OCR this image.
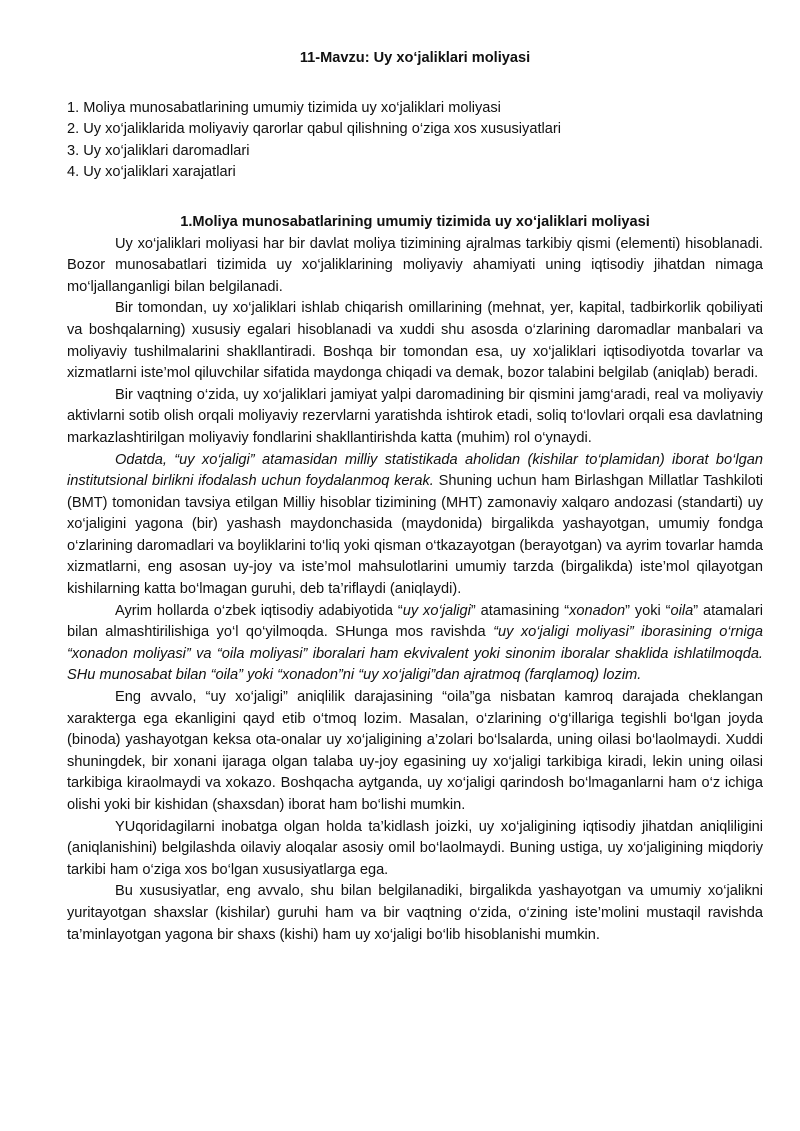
11-Mavzu: Uy xo‘jaliklari moliyasi
1. Moliya munosabatlarining umumiy tizimida uy xo‘jaliklari moliyasi
2. Uy xo‘jaliklarida moliyaviy qarorlar qabul qilishning o‘ziga xos xususiyatlari
3. Uy xo‘jaliklari daromadlari
4. Uy xo‘jaliklari xarajatlari
1.Moliya munosabatlarining umumiy tizimida uy xo‘jaliklari moliyasi

Uy xo‘jaliklari moliyasi har bir davlat moliya tizimining ajralmas tarkibiy qismi (elementi) hisoblanadi. Bozor munosabatlari tizimida uy xo‘jaliklarining moliyaviy ahamiyati uning iqtisodiy jihatdan nimaga mo‘ljallanganligi bilan belgilanadi.

Bir tomondan, uy xo‘jaliklari ishlab chiqarish omillarining (mehnat, yer, kapital, tadbirkorlik qobiliyati va boshqalarning) xususiy egalari hisoblanadi va xuddi shu asosda o‘zlarining daromadlar manbalari va moliyaviy tushilmalarini shakllantiradi. Boshqa bir tomondan esa, uy xo‘jaliklari iqtisodiyotda tovarlar va xizmatlarni iste’mol qiluvchilar sifatida maydonga chiqadi va demak, bozor talabini belgilab (aniqlab) beradi.

Bir vaqtning o‘zida, uy xo‘jaliklari jamiyat yalpi daromadining bir qismini jamg‘aradi, real va moliyaviy aktivlarni sotib olish orqali moliyaviy rezervlarni yaratishda ishtirok etadi, soliq to‘lovlari orqali esa davlatning markazlashtirilgan moliyaviy fondlarini shakllantirishda katta (muhim) rol o‘ynaydi.

Odatda, “uy xo‘jaligi” atamasidan milliy statistikada aholidan (kishilar to‘plamidan) iborat bo‘lgan institutsional birlikni ifodalash uchun foydalanmoq kerak. Shuning uchun ham Birlashgan Millatlar Tashkiloti (BMT) tomonidan tavsiya etilgan Milliy hisoblar tizimining (MHT) zamonaviy xalqaro andozasi (standarti) uy xo‘jaligini yagona (bir) yashash maydonchasida (maydonida) birgalikda yashayotgan, umumiy fondga o‘zlarining daromadlari va boyliklarini to‘liq yoki qisman o‘tkazayotgan (berayotgan) va ayrim tovarlar hamda xizmatlarni, eng asosan uy-joy va iste’mol mahsulotlarini umumiy tarzda (birgalikda) iste’mol qilayotgan kishilarning katta bo‘lmagan guruhi, deb ta’riflaydi (aniqlaydi).

Ayrim hollarda o‘zbek iqtisodiy adabiyotida “uy xo‘jaligi” atamasining “xonadon” yoki “oila” atamalari bilan almashtirilishiga yo‘l qo‘yilmoqda. SHunga mos ravishda “uy xo‘jaligi moliyasi” iborasining o‘rniga “xonadon moliyasi” va “oila moliyasi” iboralari ham ekvivalent yoki sinonim iboralar shaklida ishlatilmoqda. SHu munosabat bilan “oila” yoki “xonadon”ni “uy xo‘jaligi”dan ajratmoq (farqlamoq) lozim.

Eng avvalo, “uy xo‘jaligi” aniqlilik darajasining “oila”ga nisbatan kamroq darajada cheklangan xarakterga ega ekanligini qayd etib o‘tmoq lozim. Masalan, o‘zlarining o‘g‘illariga tegishli bo‘lgan joyda (binoda) yashayotgan keksa ota-onalar uy xo‘jaligining a’zolari bo‘lsalarda, uning oilasi bo‘laolmaydi. Xuddi shuningdek, bir xonani ijaraga olgan talaba uy-joy egasining uy xo‘jaligi tarkibiga kiradi, lekin uning oilasi tarkibiga kiraolmaydi va xokazo. Boshqacha aytganda, uy xo‘jaligi qarindosh bo‘lmaganlarni ham o‘z ichiga olishi yoki bir kishidan (shaxsdan) iborat ham bo‘lishi mumkin.

YUqoridagilarni inobatga olgan holda ta’kidlash joizki, uy xo‘jaligining iqtisodiy jihatdan aniqliligini (aniqlanishini) belgilashda oilaviy aloqalar asosiy omil bo‘laolmaydi. Buning ustiga, uy xo‘jaligining miqdoriy tarkibi ham o‘ziga xos bo‘lgan xususiyatlarga ega.

Bu xususiyatlar, eng avvalo, shu bilan belgilanadiki, birgalikda yashayotgan va umumiy xo‘jalikni yuritayotgan shaxslar (kishilar) guruhi ham va bir vaqtning o‘zida, o‘zining iste’molini mustaqil ravishda ta’minlayotgan yagona bir shaxs (kishi) ham uy xo‘jaligi bo‘lib hisoblanishi mumkin.
